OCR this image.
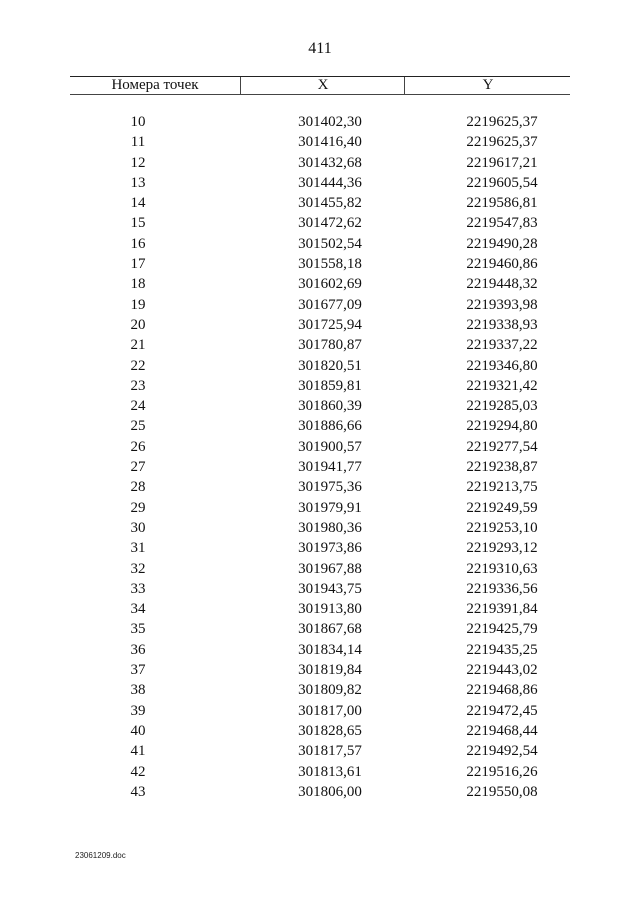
411
Номера точек	X	Y
10	301402,30	2219625,37
11	301416,40	2219625,37
12	301432,68	2219617,21
13	301444,36	2219605,54
14	301455,82	2219586,81
15	301472,62	2219547,83
16	301502,54	2219490,28
17	301558,18	2219460,86
18	301602,69	2219448,32
19	301677,09	2219393,98
20	301725,94	2219338,93
21	301780,87	2219337,22
22	301820,51	2219346,80
23	301859,81	2219321,42
24	301860,39	2219285,03
25	301886,66	2219294,80
26	301900,57	2219277,54
27	301941,77	2219238,87
28	301975,36	2219213,75
29	301979,91	2219249,59
30	301980,36	2219253,10
31	301973,86	2219293,12
32	301967,88	2219310,63
33	301943,75	2219336,56
34	301913,80	2219391,84
35	301867,68	2219425,79
36	301834,14	2219435,25
37	301819,84	2219443,02
38	301809,82	2219468,86
39	301817,00	2219472,45
40	301828,65	2219468,44
41	301817,57	2219492,54
42	301813,61	2219516,26
43	301806,00	2219550,08
23061209.doc
